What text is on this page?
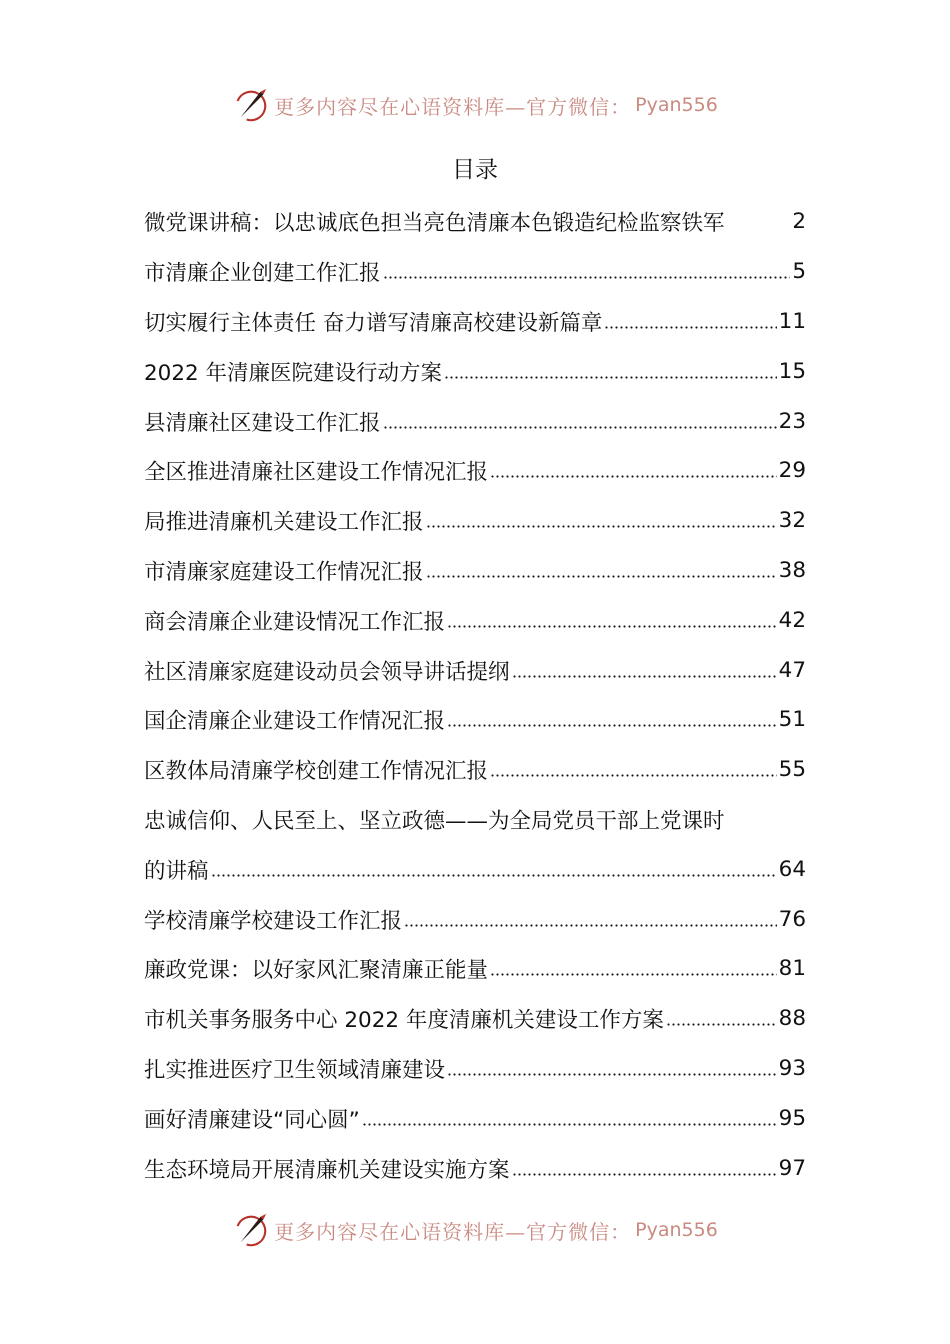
更多内容尽在心语资料库—官方微信： Pyan556
目录
微党课讲稿：以忠诚底色担当亮色清廉本色锻造纪检监察铁军	2
市清廉企业创建工作汇报	5
切实履行主体责任 奋力谱写清廉高校建设新篇章	11
2022 年清廉医院建设行动方案	15
县清廉社区建设工作汇报	23
全区推进清廉社区建设工作情况汇报	29
局推进清廉机关建设工作汇报	32
市清廉家庭建设工作情况汇报	38
商会清廉企业建设情况工作汇报	42
社区清廉家庭建设动员会领导讲话提纲	47
国企清廉企业建设工作情况汇报	51
区教体局清廉学校创建工作情况汇报	55
忠诚信仰、人民至上、坚立政德——为全局党员干部上党课时
的讲稿	64
学校清廉学校建设工作汇报	76
廉政党课：以好家风汇聚清廉正能量	81
市机关事务服务中心 2022 年度清廉机关建设工作方案	88
扎实推进医疗卫生领域清廉建设	93
画好清廉建设“同心圆”	95
生态环境局开展清廉机关建设实施方案	97
更多内容尽在心语资料库—官方微信： Pyan556
